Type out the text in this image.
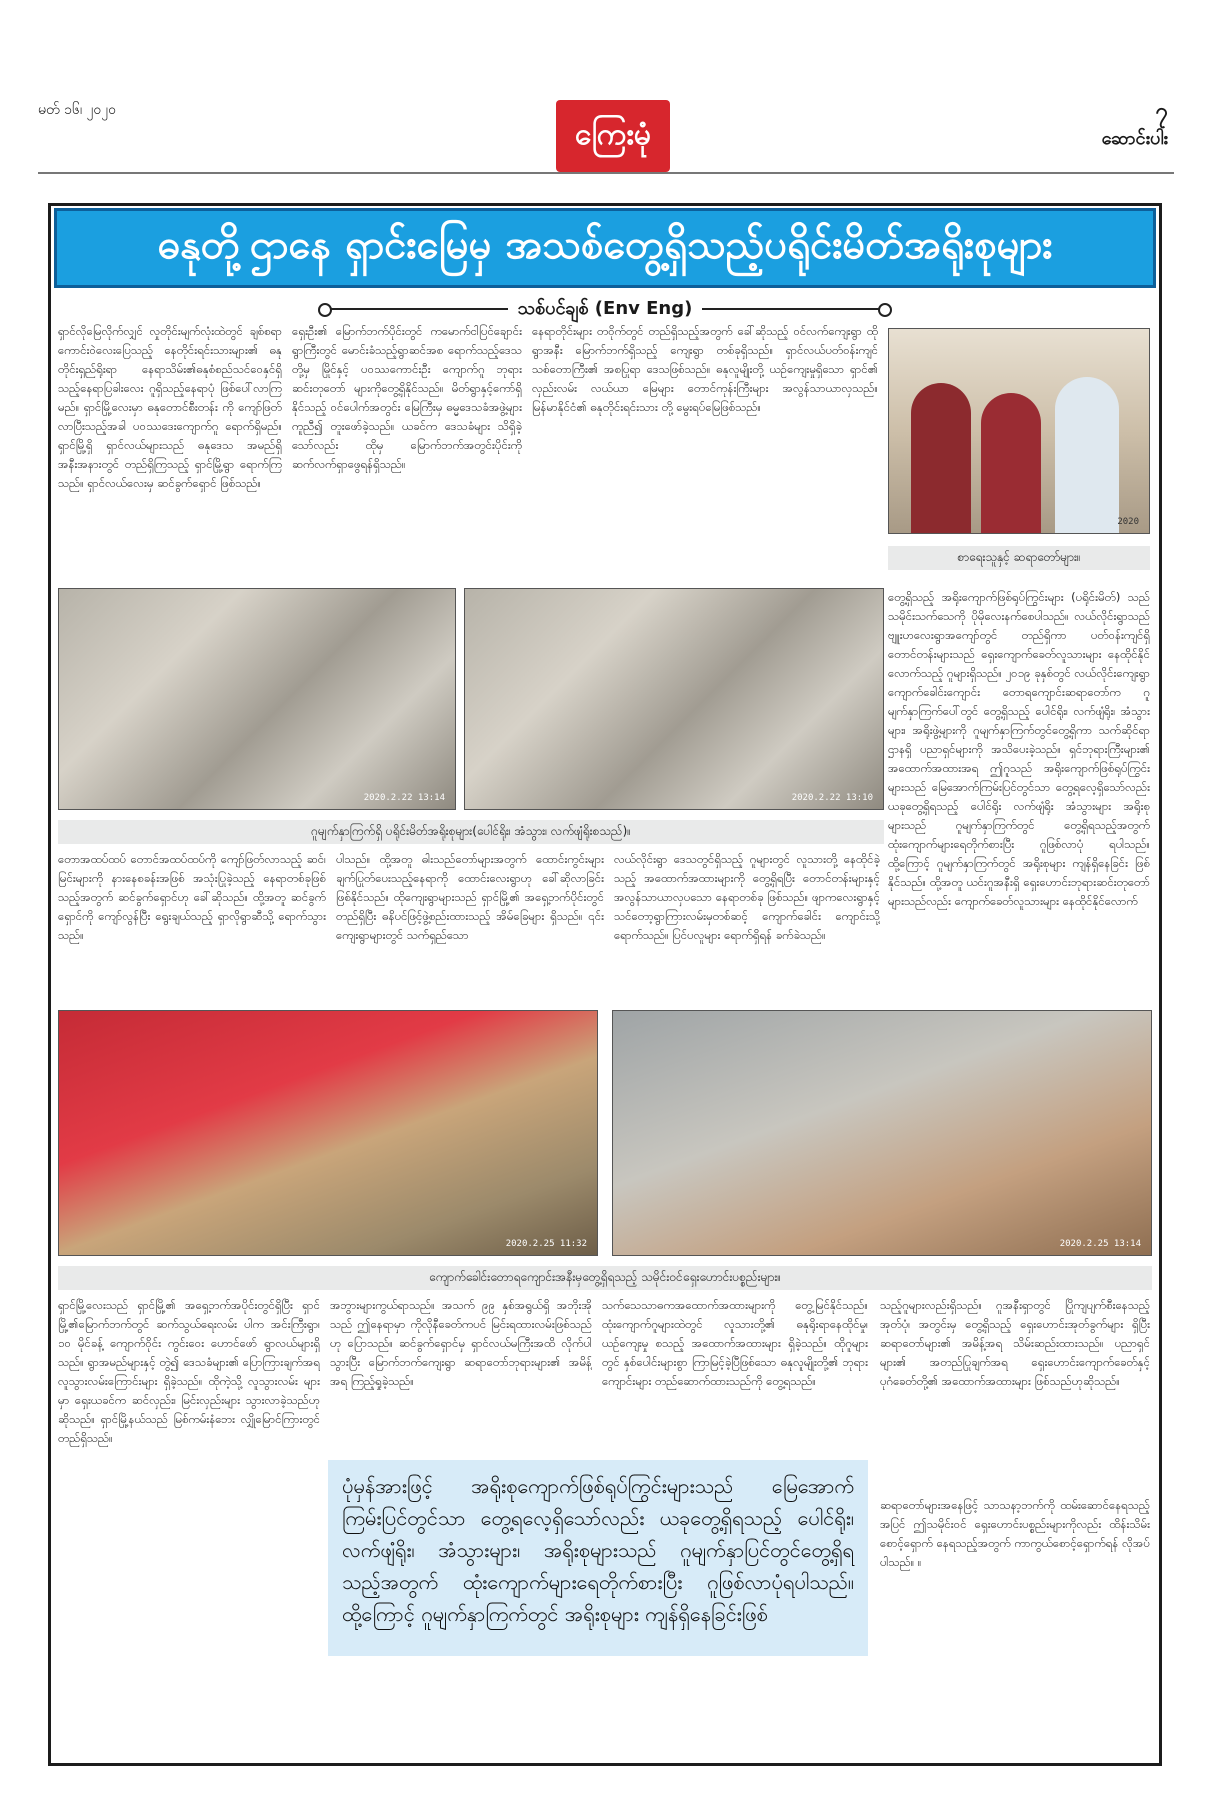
မတ် ၁၆၊ ၂၀၂၀
ကြေးမုံ
၇
ဆောင်းပါး
ဓနုတို့ဌာနေ ရှာင်းမြေမှ အသစ်တွေ့ရှိသည့်ပရိုင်းမိတ်အရိုးစုများ
သစ်ပင်ချစ် (Env Eng)
ရှာင်လိုမြေလိုက်လျှင် လှုတိုင်းမျက်လုံးထဲတွင် ချစ်စရာကောင်းဝဲလေးပြေသည့် နေတိုင်းရင်းသားများ၏ ဓနုတိုင်းရှည်ရိုးရာ နေရာသိမ်း၏ဓနုစံစည်သင်ဝေနှင်ရှိသည့်နေရာပြခါးလေး ဂူရှိသည့်နေရာပုံ ဖြစ်ပေါ်လာကြမည်။ ရှာင်မြို့လေးမှာ ဓနုတောင်စီးတန်း ကို ကျော်ဖြတ်လာပြီးသည့်အခါ ပဝဿဒေးကျောက်ဂူ ရောက်ရှိမည်။ ရှာင်မြို့ရှိ ရှာင်လယ်များသည် ဓနုဒေသ အမည်ရှိ အနီးအနားတွင် တည်ရှိကြသည့် ရှာင်မြို့ရွာ ရောက်ကြသည်။ ရှာင်လယ်လေးမှ ဆင်ခွက်ရှောင် ဖြစ်သည်။
ရှေးဦး၏ မြောက်ဘက်ပိုင်းတွင် ကမောက်ငါပြင်ချောင်း ရွာကြီးတွင် မောင်းခံသည့်ရွာဆင်အစ ရောက်သည့်ဒေသတို့မှ မြိုင်နှင့် ပဝဿကောင်းဦး ကျောက်ဂူ ဘုရားဆင်းတုတော် များကိုတွေ့ရှိနိုင်သည်။ မိတ်ရွာနှင့်ကော်ရှိနိုင်သည့် ဝင်ပေါက်အတွင်း မြေကြီးမှ ဓမ္မဒေသခံအဖွဲ့များ ကူညီ၍ တူးဖော်ခဲ့သည်။ ယခင်က ဒေသခံများ သိရှိခဲ့သော်လည်း ထိုမှ မြောက်ဘက်အတွင်းပိုင်းကို ဆက်လက်ရှာဖွေရန်ရှိသည်။
နေရာတိုင်းများ တဝိုက်တွင် တည်ရှိသည့်အတွက် ခေါ်ဆိုသည့် ဝင်လက်ကျေးရွာ ထိုရွာအနီး မြောက်ဘက်ရှိသည့် ကျေးရွာ တစ်ခုရှိသည်။ ရှာင်လယ်ပတ်ဝန်းကျင် သစ်တောကြီး၏ အစပြုရာ ဒေသဖြစ်သည်။ ဓနုလူမျိုးတို့ ယဉ်ကျေးမှုရှိသော ရှာင်၏ လှည်းလမ်း လယ်ယာ မြေများ တောင်ကုန်းကြီးများ အလွန်သာယာလှသည်။ မြန်မာနိုင်ငံ၏ ဓနုတိုင်းရင်းသား တို့ မွေးရပ်မြေဖြစ်သည်။
2020
စာရေးသူနှင့် ဆရာတော်များ။
2020.2.22 13:14	2020.2.22 13:10
ဂူမျက်နှာကြက်ရှိ ပရိုင်းမိတ်အရိုးစုများ(ပေါင်ရိုး၊ အံသွား၊ လက်ဖျံရိုးစသည်)။
တွေ့ရှိသည့် အရိုးကျောက်ဖြစ်ရုပ်ကြွင်းများ (ပရိုင်းမိတ်) သည် သမိုင်းသက်သေကို ပိုမိုလေးနက်စေပါသည်။ လယ်လိုင်းရွာသည် ဗျူးဟလေးရွာအကျော်တွင် တည်ရှိကာ ပတ်ဝန်းကျင်ရှိ တောင်တန်းများသည် ရှေးကျောက်ခေတ်လူသားများ နေထိုင်နိုင်လောက်သည့် ဂူများရှိသည်။ ၂၀၁၉ ခုနှစ်တွင် လယ်လိုင်းကျေးရွာ ကျောက်ခေါင်းကျောင်း တောရကျောင်းဆရာတော်က ဂူမျက်နှာကြက်ပေါ်တွင် တွေ့ရှိသည့် ပေါင်ရိုး၊ လက်ဖျံရိုး၊ အံသွားများ၊ အရိုးဖွဲ့များကို ဂူမျက်နှာကြက်တွင်တွေ့ရှိကာ သက်ဆိုင်ရာဌာနရှိ ပညာရှင်များကို အသိပေးခဲ့သည်။ ရှင်ဘုရားကြီးများ၏ အထောက်အထားအရ ဤဂူသည် အရိုးကျောက်ဖြစ်ရုပ်ကြွင်း များသည် မြေအောက်ကြမ်းပြင်တွင်သာ တွေ့ရလေ့ရှိသော်လည်း ယခုတွေ့ရှိရသည့် ပေါင်ရိုး လက်ဖျံရိုး အံသွားများ အရိုးစုများသည် ဂူမျက်နှာကြက်တွင် တွေ့ရှိရသည့်အတွက် ထုံးကျောက်များရေတိုက်စားပြီး ဂူဖြစ်လာပုံ ရပါသည်။ ထို့ကြောင့် ဂူမျက်နှာကြက်တွင် အရိုးစုများ ကျန်ရှိနေခြင်း ဖြစ်နိုင်သည်။ ထို့အတူ ယင်းဂူအနီးရှိ ရှေးဟောင်းဘုရားဆင်းတုတော်များသည်လည်း ကျောက်ခေတ်လူသားများ နေထိုင်နိုင်လောက်
တောအထပ်ထပ် တောင်အထပ်ထပ်ကို ကျော်ဖြတ်လာသည့် ဆင်၊ မြင်းများကို နားနေစခန်းအဖြစ် အသုံးပြုခဲ့သည့် နေရာတစ်ခုဖြစ်သည့်အတွက် ဆင်ခွက်ရှောင်ဟု ခေါ်ဆိုသည်။ ထို့အတူ ဆင်ခွက်ရှောင်ကို ကျော်လွန်ပြီး ရွေးချယ်သည့် ရှာလိုရွာဆီသို့ ရောက်သွားသည်။
ပါသည်။ ထို့အတူ ဓါးသည်တော်များအတွက် ထောင်းကွင်းများ ချက်ပြုတ်ပေးသည့်နေရာကို ထောင်းလေးရွာဟု ခေါ်ဆိုလာခြင်းဖြစ်နိုင်သည်။ ထိုကျေးရွာများသည် ရှာင်မြို့၏ အရှေ့ဘက်ပိုင်းတွင်တည်ရှိပြီး ဓနိပင်ဖြင့်ဖွဲ့စည်းထားသည့် အိမ်ခြေများ ရှိသည်။ ၎င်းကျေးရွာများတွင် သက်ရှည်သော
လယ်လိုင်းရွာ ဒေသတွင်ရှိသည့် ဂူများတွင် လူသားတို့ နေထိုင်ခဲ့သည့် အထောက်အထားများကို တွေ့ရှိရပြီး တောင်တန်းများနှင့် အလွန်သာယာလှပသော နေရာတစ်ခု ဖြစ်သည်။ ဖျာကလေးရွာနှင့် သင်တော့ရွာကြားလမ်းမှတစ်ဆင့် ကျောက်ခေါင်း ကျောင်းသို့ ရောက်သည်။ ပြင်ပလူများ ရောက်ရှိရန် ခက်ခဲသည်။
2020.2.25 11:32	2020.2.25 13:14
ကျောက်ခေါင်းတောရကျောင်းအနီးမှတွေ့ရှိရသည့် သမိုင်းဝင်ရှေးဟောင်းပစ္စည်းများ။
ရှာင်မြို့လေးသည် ရှာင်မြို့၏ အရှေ့ဘက်အပိုင်းတွင်ရှိပြီး ရှာင်မြို့၏မြောက်ဘက်တွင် ဆက်သွယ်ရေးလမ်း ပါက အင်းကြီးရွာ၊ ၁၀ မိုင်ခန့် ကျောက်ဝိုင်း ကွင်းဝေး ဟောင်ဖော် ရွာလယ်များရှိသည်။ ရွာအမည်များနှင့် တွဲ၍ ဒေသခံများ၏ ပြောကြားချက်အရ လူသွားလမ်းကြောင်းများ ရှိခဲ့သည်။ ထိုကဲ့သို့ လူသွားလမ်း များမှာ ရှေးယခင်က ဆင်လှည်း၊ မြင်းလှည်းများ သွားလာခဲ့သည်ဟု ဆိုသည်။ ရှာင်မြို့နယ်သည် မြစ်ကမ်းနံဘေး လျှိုမြောင်ကြားတွင် တည်ရှိသည်။
အဘွားများကွယ်ရာသည်။ အသက် ၉၉ နှစ်အရွယ်ရှိ အဘိုးအိုသည် ဤနေရာမှာ ကိုလိုနီခေတ်ကပင် မြင်းရထားလမ်းဖြစ်သည်ဟု ပြောသည်။ ဆင်ခွက်ရှောင်မှ ရှာင်လယ်မကြီးအထိ လိုက်ပါ သွားပြီး မြောက်ဘက်ကျေးရွာ ဆရာတော်ဘုရားများ၏ အမိန့်အရ ကြည့်ရှုခဲ့သည်။
သက်သေသာဓကအထောက်အထားများကို တွေ့မြင်နိုင်သည်။ ထုံးကျောက်ဂူများထဲတွင် လူသားတို့၏ ဓနုရိုးရာနေထိုင်မှု၊ ယဉ်ကျေးမှု စသည့် အထောက်အထားများ ရှိခဲ့သည်။ ထိုဂူများတွင် နှစ်ပေါင်းများစွာ ကြာမြင့်ခဲ့ပြီဖြစ်သော ဓနုလူမျိုးတို့၏ ဘုရားကျောင်းများ တည်ဆောက်ထားသည်ကို တွေ့ရသည်။
သည့်ဂူများလည်းရှိသည်။ ဂူအနီးရှာတွင် ပြိုကျပျက်စီးနေသည့် အုတ်ပုံ၊ အတွင်းမှ တွေ့ရှိသည့် ရှေးဟောင်းအုတ်ခွက်များ ရှိပြီး ဆရာတော်များ၏ အမိန့်အရ သိမ်းဆည်းထားသည်။ ပညာရှင်များ၏ အတည်ပြုချက်အရ ရှေးဟောင်းကျောက်ခေတ်နှင့် ပုဂံခေတ်တို့၏ အထောက်အထားများ ဖြစ်သည်ဟုဆိုသည်။
ဆရာတော်များအနေဖြင့် သာသနာ့ဘက်ကို ထမ်းဆောင်နေရသည့်အပြင် ဤသမိုင်းဝင် ရှေးဟောင်းပစ္စည်းများကိုလည်း ထိန်းသိမ်းစောင့်ရှောက် နေရသည့်အတွက် ကာကွယ်စောင့်ရှောက်ရန် လိုအပ်ပါသည်။ ။
ပုံမှန်အားဖြင့် အရိုးစုကျောက်ဖြစ်ရုပ်ကြွင်းများသည် မြေအောက်ကြမ်းပြင်တွင်သာ တွေ့ရလေ့ရှိသော်လည်း ယခုတွေ့ရှိရသည့် ပေါင်ရိုး၊ လက်ဖျံရိုး၊ အံသွားများ၊ အရိုးစုများသည် ဂူမျက်နှာပြင်တွင်တွေ့ရှိရသည့်အတွက် ထုံးကျောက်များရေတိုက်စားပြီး ဂူဖြစ်လာပုံရပါသည်။ ထို့ကြောင့် ဂူမျက်နှာကြက်တွင် အရိုးစုများ ကျန်ရှိနေခြင်းဖြစ်
